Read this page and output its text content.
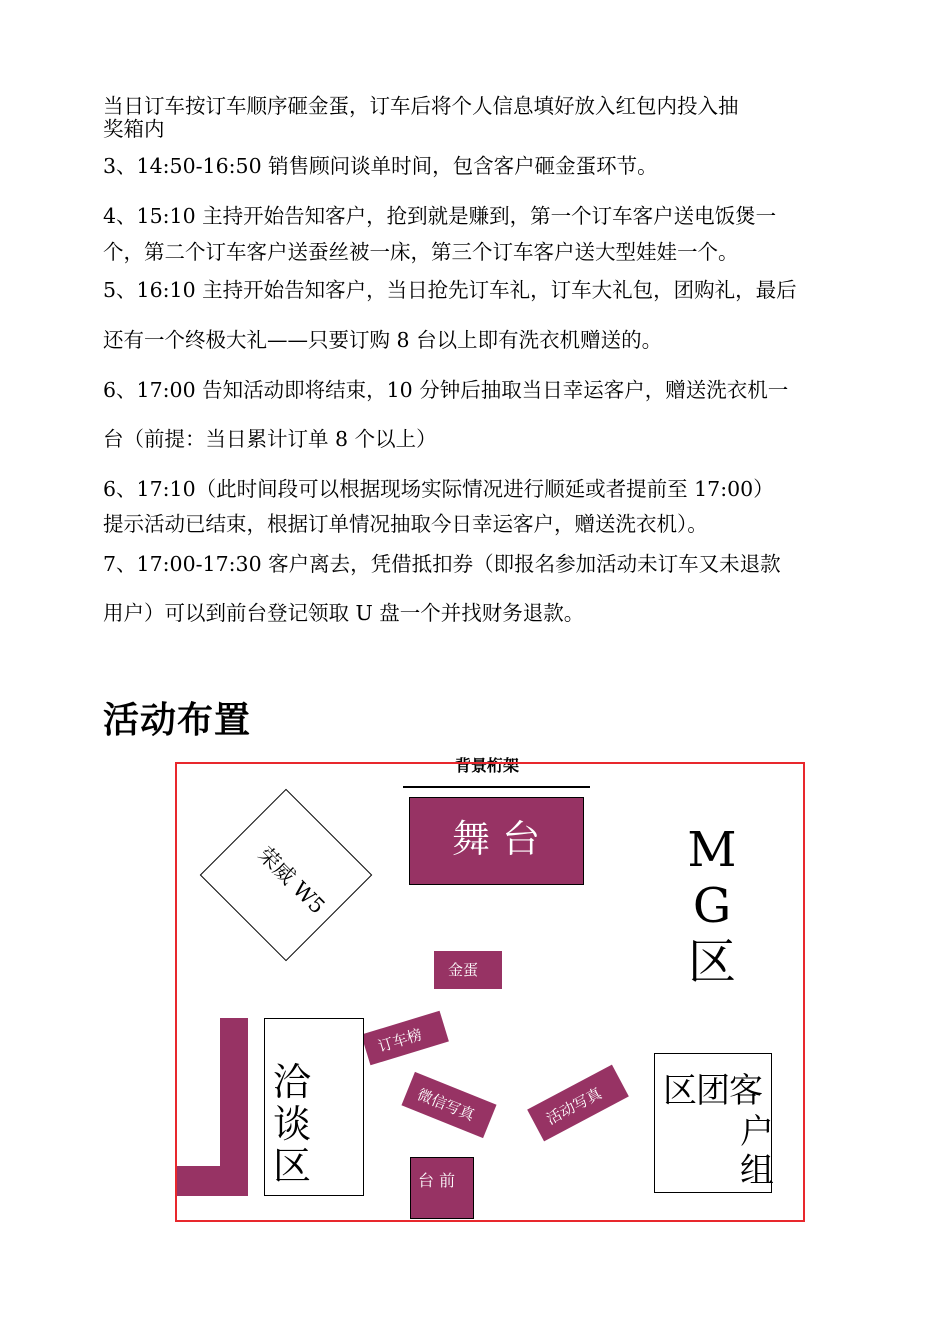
当日订车按订车顺序砸金蛋，订车后将个人信息填好放入红包内投入抽

奖箱内

3、14:50-16:50 销售顾问谈单时间，包含客户砸金蛋环节。

4、15:10 主持开始告知客户，抢到就是赚到，第一个订车客户送电饭煲一

个，第二个订车客户送蚕丝被一床，第三个订车客户送大型娃娃一个。

5、16:10 主持开始告知客户，当日抢先订车礼，订车大礼包，团购礼，最后

还有一个终极大礼——只要订购 8 台以上即有洗衣机赠送的。

6、17:00 告知活动即将结束，10 分钟后抽取当日幸运客户，赠送洗衣机一

台（前提：当日累计订单 8 个以上）

6、17:10（此时间段可以根据现场实际情况进行顺延或者提前至 17:00）

提示活动已结束，根据订单情况抽取今日幸运客户，赠送洗衣机）。

7、17:00-17:30 客户离去，凭借抵扣券（即报名参加活动未订车又未退款

用户）可以到前台登记领取 U 盘一个并找财务退款。

活动布置
背景桁架
舞 台
荣威 W5	M
G
区
金蛋
订车榜
洽
谈
区
微信写真	活动写真
台 前
区团客
户
组
